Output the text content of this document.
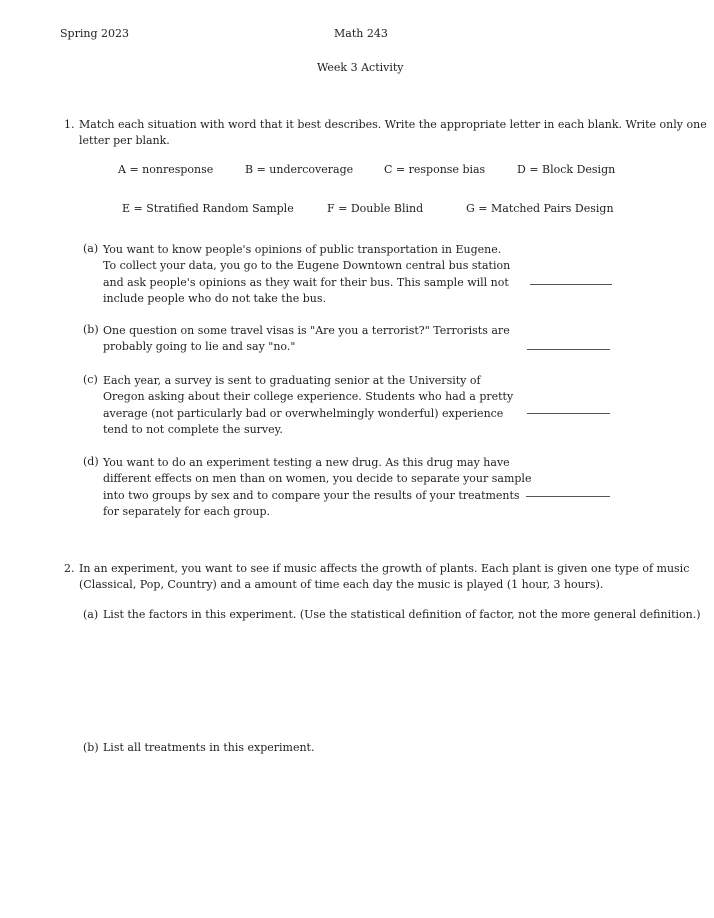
Spring 2023	Math 243
Week 3 Activity
1. Match each situation with word that it best describes. Write the appropriate letter in each blank. Write only one
letter per blank.
A = nonresponse	B = undercoverage	C = response bias	D = Block Design
E = Stratified Random Sample	F = Double Blind	G = Matched Pairs Design
(a) You want to know people's opinions of public transportation in Eugene.
To collect your data, you go to the Eugene Downtown central bus station
and ask people's opinions as they wait for their bus. This sample will not
include people who do not take the bus.
(b) One question on some travel visas is "Are you a terrorist?" Terrorists are
probably going to lie and say "no."
(c) Each year, a survey is sent to graduating senior at the University of
Oregon asking about their college experience. Students who had a pretty
average (not particularly bad or overwhelmingly wonderful) experience
tend to not complete the survey.
(d) You want to do an experiment testing a new drug. As this drug may have
different effects on men than on women, you decide to separate your sample
into two groups by sex and to compare your the results of your treatments
for separately for each group.
2. In an experiment, you want to see if music affects the growth of plants. Each plant is given one type of music
(Classical, Pop, Country) and a amount of time each day the music is played (1 hour, 3 hours).
(a) List the factors in this experiment. (Use the statistical definition of factor, not the more general definition.)
(b) List all treatments in this experiment.
